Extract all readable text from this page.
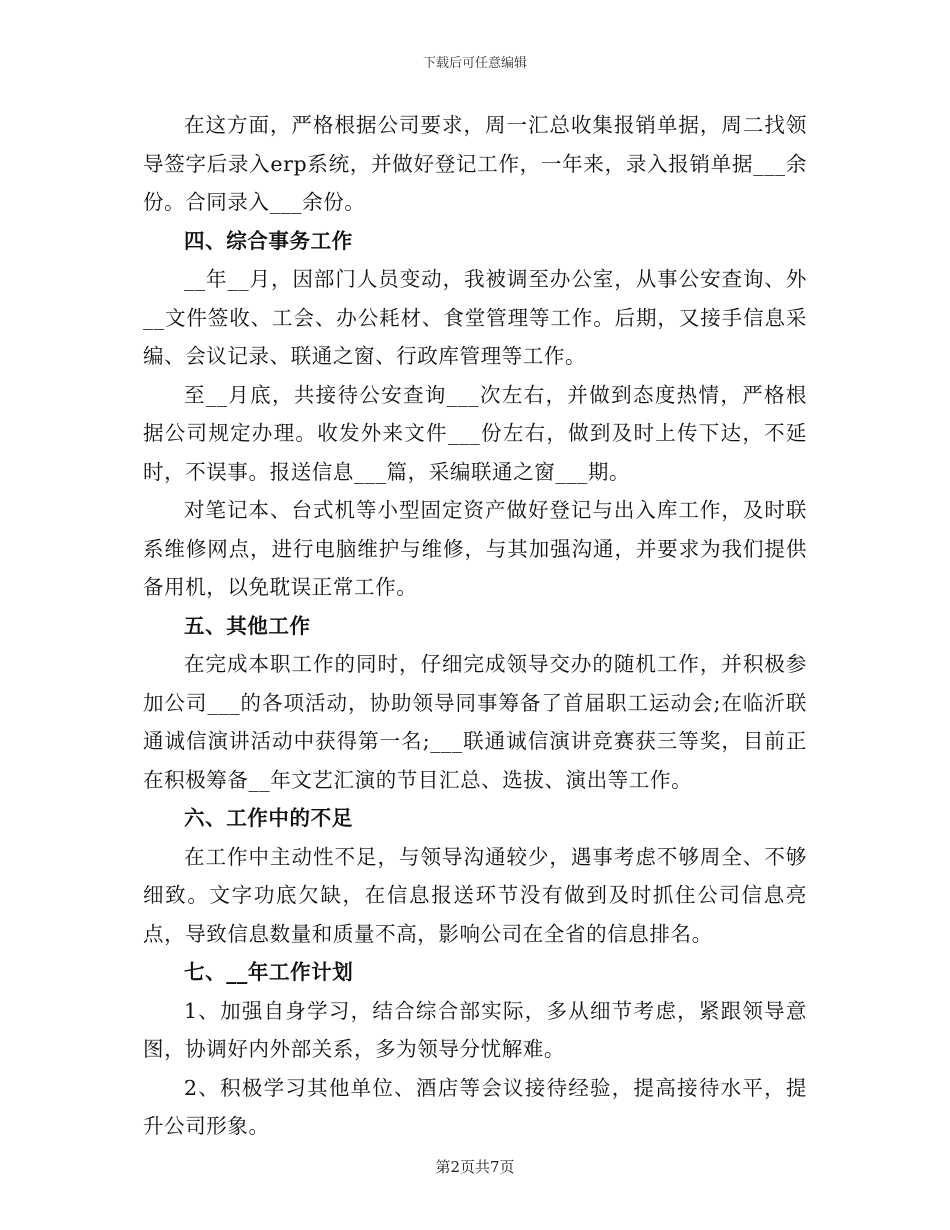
下载后可任意编辑

在这方面，严格根据公司要求，周一汇总收集报销单据，周二找领导签字后录入erp系统，并做好登记工作，一年来，录入报销单据___余份。合同录入___余份。

四、综合事务工作

__年__月，因部门人员变动，我被调至办公室，从事公安查询、外__文件签收、工会、办公耗材、食堂管理等工作。后期，又接手信息采编、会议记录、联通之窗、行政库管理等工作。

至__月底，共接待公安查询___次左右，并做到态度热情，严格根据公司规定办理。收发外来文件___份左右，做到及时上传下达，不延时，不误事。报送信息___篇，采编联通之窗___期。

对笔记本、台式机等小型固定资产做好登记与出入库工作，及时联系维修网点，进行电脑维护与维修，与其加强沟通，并要求为我们提供备用机，以免耽误正常工作。

五、其他工作

在完成本职工作的同时，仔细完成领导交办的随机工作，并积极参加公司___的各项活动，协助领导同事筹备了首届职工运动会;在临沂联通诚信演讲活动中获得第一名;___联通诚信演讲竞赛获三等奖，目前正在积极筹备__年文艺汇演的节目汇总、选拔、演出等工作。

六、工作中的不足

在工作中主动性不足，与领导沟通较少，遇事考虑不够周全、不够细致。文字功底欠缺，在信息报送环节没有做到及时抓住公司信息亮点，导致信息数量和质量不高，影响公司在全省的信息排名。

七、__年工作计划

1、加强自身学习，结合综合部实际，多从细节考虑，紧跟领导意图，协调好内外部关系，多为领导分忧解难。

2、积极学习其他单位、酒店等会议接待经验，提高接待水平，提升公司形象。

第2页共7页
